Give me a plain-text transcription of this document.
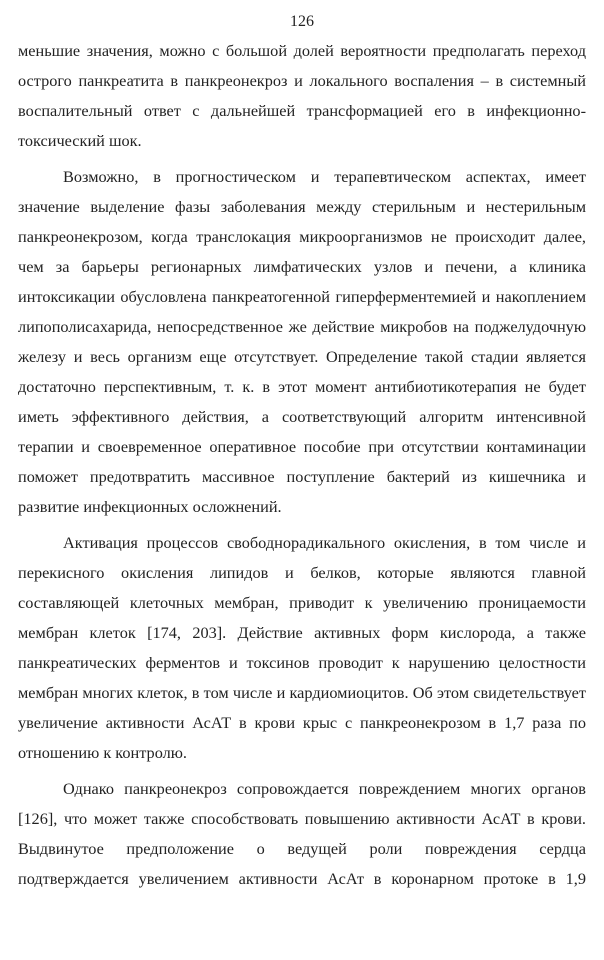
126

меньшие значения, можно с большой долей вероятности предполагать переход острого панкреатита в панкреонекроз и локального воспаления – в системный воспалительный ответ с дальнейшей трансформацией его в инфекционно-токсический шок.

Возможно, в прогностическом и терапевтическом аспектах, имеет значение выделение фазы заболевания между стерильным и нестерильным панкреонекрозом, когда транслокация микроорганизмов не происходит далее, чем за барьеры регионарных лимфатических узлов и печени, а клиника интоксикации обусловлена панкреатогенной гиперферментемией и накоплением липополисахарида, непосредственное же действие микробов на поджелудочную железу и весь организм еще отсутствует. Определение такой стадии является достаточно перспективным, т. к. в этот момент антибиотикотерапия не будет иметь эффективного действия, а соответствующий алгоритм интенсивной терапии и своевременное оперативное пособие при отсутствии контаминации поможет предотвратить массивное поступление бактерий из кишечника и развитие инфекционных осложнений.

Активация процессов свободнорадикального окисления, в том числе и перекисного окисления липидов и белков, которые являются главной составляющей клеточных мембран, приводит к увеличению проницаемости мембран клеток [174, 203]. Действие активных форм кислорода, а также панкреатических ферментов и токсинов проводит к нарушению целостности мембран многих клеток, в том числе и кардиомиоцитов. Об этом свидетельствует увеличение активности АсАТ в крови крыс с панкреонекрозом в 1,7 раза по отношению к контролю.

Однако панкреонекроз сопровождается повреждением многих органов [126], что может также способствовать повышению активности АсАТ в крови. Выдвинутое предположение о ведущей роли повреждения сердца подтверждается увеличением активности АсАт в коронарном протоке в 1,9
